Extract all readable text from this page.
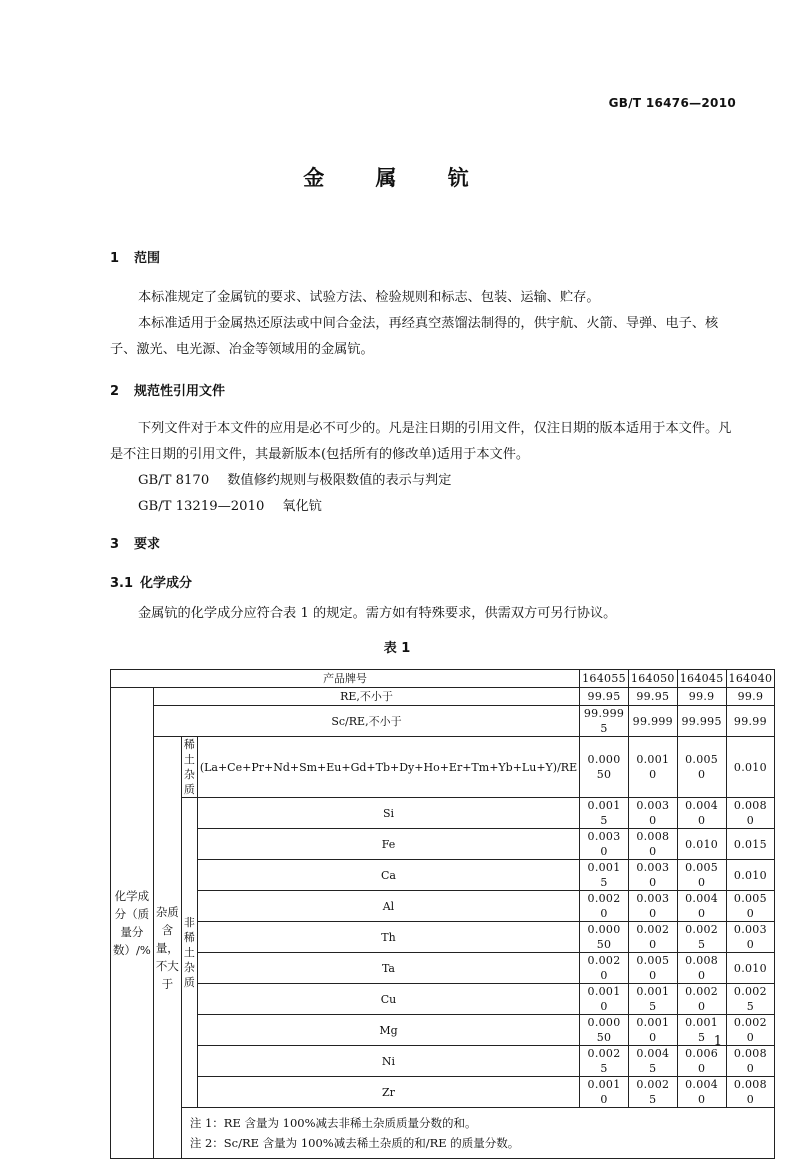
GB/T 16476—2010
金 属 钪
1 范围

本标准规定了金属钪的要求、试验方法、检验规则和标志、包装、运输、贮存。

本标准适用于金属热还原法或中间合金法，再经真空蒸馏法制得的，供宇航、火箭、导弹、电子、核子、激光、电光源、冶金等领域用的金属钪。

2 规范性引用文件

下列文件对于本文件的应用是必不可少的。凡是注日期的引用文件，仅注日期的版本适用于本文件。凡是不注日期的引用文件，其最新版本(包括所有的修改单)适用于本文件。

GB/T 8170 数值修约规则与极限数值的表示与判定

GB/T 13219—2010 氧化钪

3 要求
3.1 化学成分

金属钪的化学成分应符合表 1 的规定。需方如有特殊要求，供需双方可另行协议。

表 1
产品牌号				164055	164050	164045	164040
化学成分（质量分数）/%	RE,不小于			99.95	99.95	99.9	99.9
	Sc/RE,不小于			99.999 5	99.999	99.995	99.99
	杂质含量，不大于	稀土杂质	(La+Ce+Pr+Nd+Sm+Eu+Gd+Tb+Dy+Ho+Er+Tm+Yb+Lu+Y)/RE	0.000 50	0.001 0	0.005 0	0.010
		非稀土杂质	Si	0.001 5	0.003 0	0.004 0	0.008 0
			Fe	0.003 0	0.008 0	0.010	0.015
			Ca	0.001 5	0.003 0	0.005 0	0.010
			Al	0.002 0	0.003 0	0.004 0	0.005 0
			Th	0.000 50	0.002 0	0.002 5	0.003 0
			Ta	0.002 0	0.005 0	0.008 0	0.010
			Cu	0.001 0	0.001 5	0.002 0	0.002 5
			Mg	0.000 50	0.001 0	0.001 5	0.002 0
			Ni	0.002 5	0.004 5	0.006 0	0.008 0
			Zr	0.001 0	0.002 5	0.004 0	0.008 0

		注 1：RE 含量为 100%减去非稀土杂质质量分数的和。
注 2：Sc/RE 含量为 100%减去稀土杂质的和/RE 的质量分数。					
1
